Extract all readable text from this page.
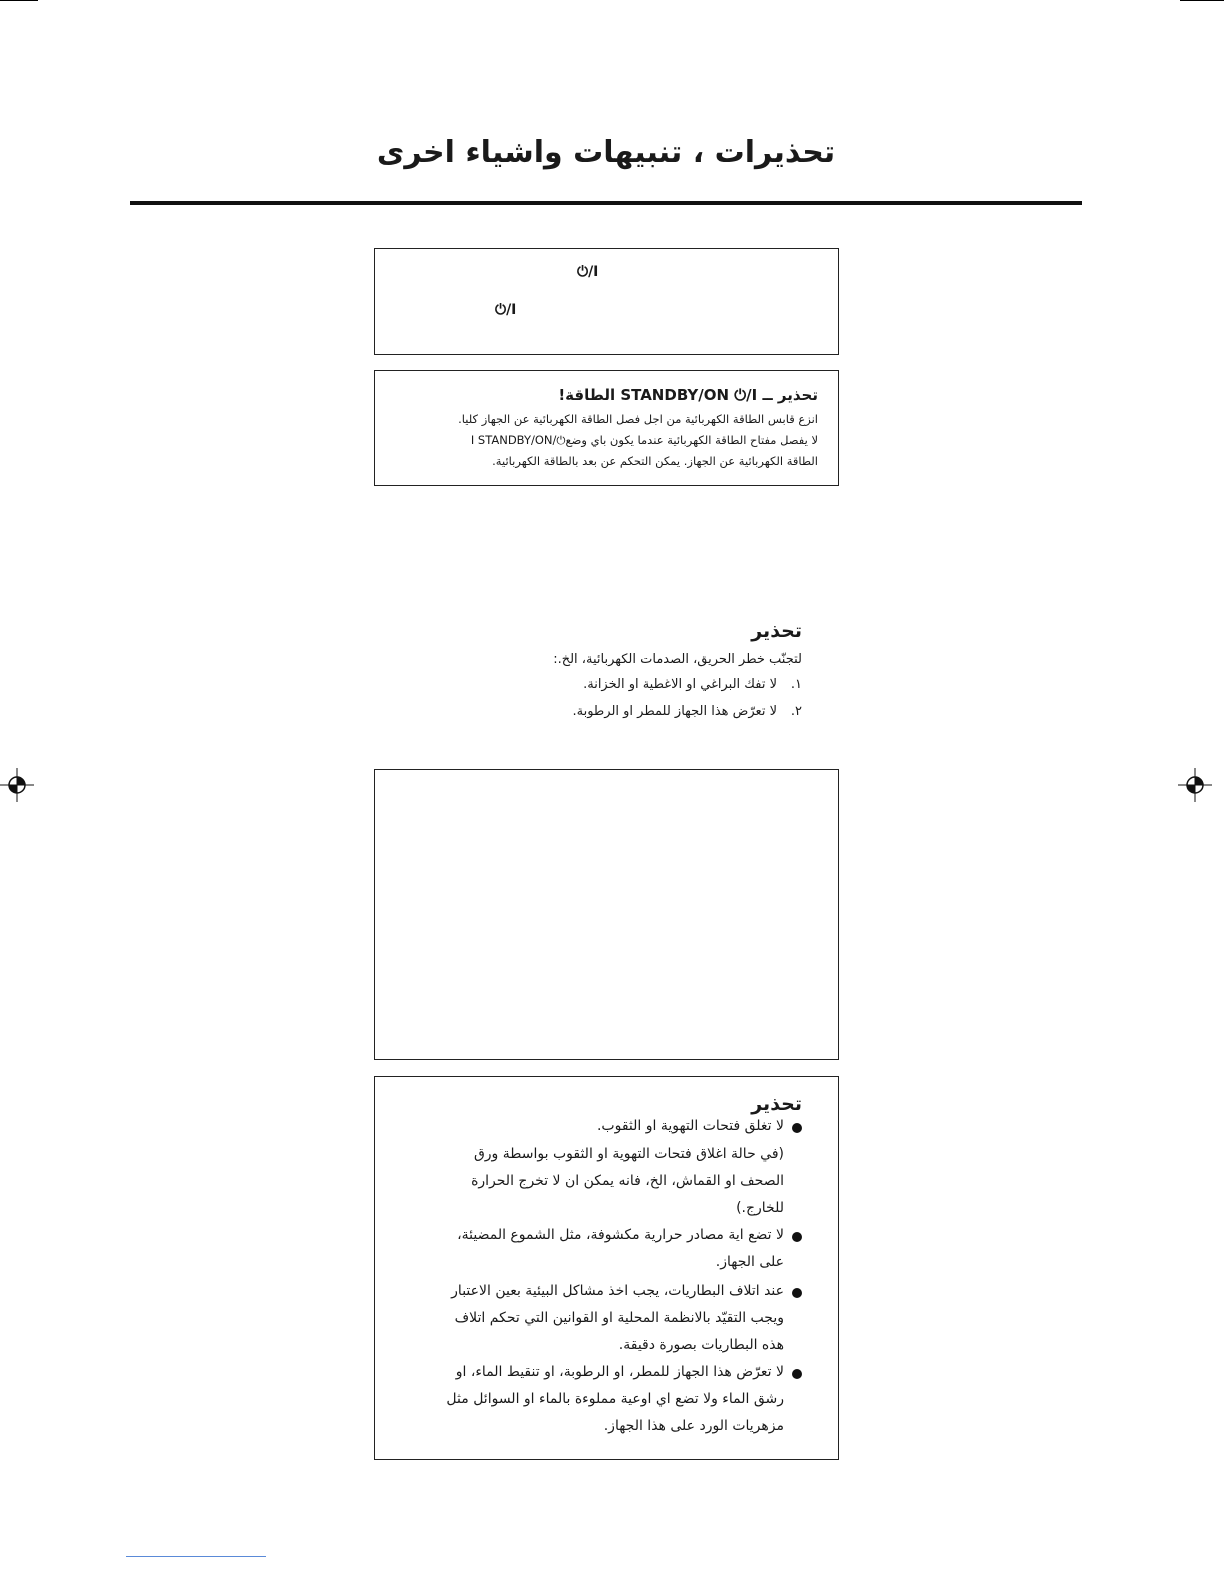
تحذيرات ، تنبيهات واشياء اخرى
⏻/I
⏻/I
تحذير ــ STANDBY/ON ⏻/I الطاقة!
انزع قابس الطاقة الكهربائية من اجل فصل الطاقة الكهربائية عن الجهاز كليا.
لا يفصل مفتاح الطاقة الكهربائية عندما يكون باي وضع⏻/I STANDBY/ON
الطاقة الكهربائية عن الجهاز. يمكن التحكم عن بعد بالطاقة الكهربائية.
تحذير
لتجنّب خطر الحريق، الصدمات الكهربائية، الخ.:
١.
لا تفك البراغي او الاغطية او الخزانة.
٢.
لا تعرّض هذا الجهاز للمطر او الرطوبة.
تحذير
لا تغلق فتحات التهوية او الثقوب.
(في حالة اغلاق فتحات التهوية او الثقوب بواسطة ورق
الصحف او القماش، الخ، فانه يمكن ان لا تخرج الحرارة
للخارج.)
لا تضع اية مصادر حرارية مكشوفة، مثل الشموع المضيئة،
على الجهاز.
عند اتلاف البطاريات، يجب اخذ مشاكل البيئية بعين الاعتبار
ويجب التقيّد بالانظمة المحلية او القوانين التي تحكم اتلاف
هذه البطاريات بصورة دقيقة.
لا تعرّض هذا الجهاز للمطر، او الرطوبة، او تنقيط الماء، او
رشق الماء ولا تضع اي اوعية مملوءة بالماء او السوائل مثل
مزهريات الورد على هذا الجهاز.
